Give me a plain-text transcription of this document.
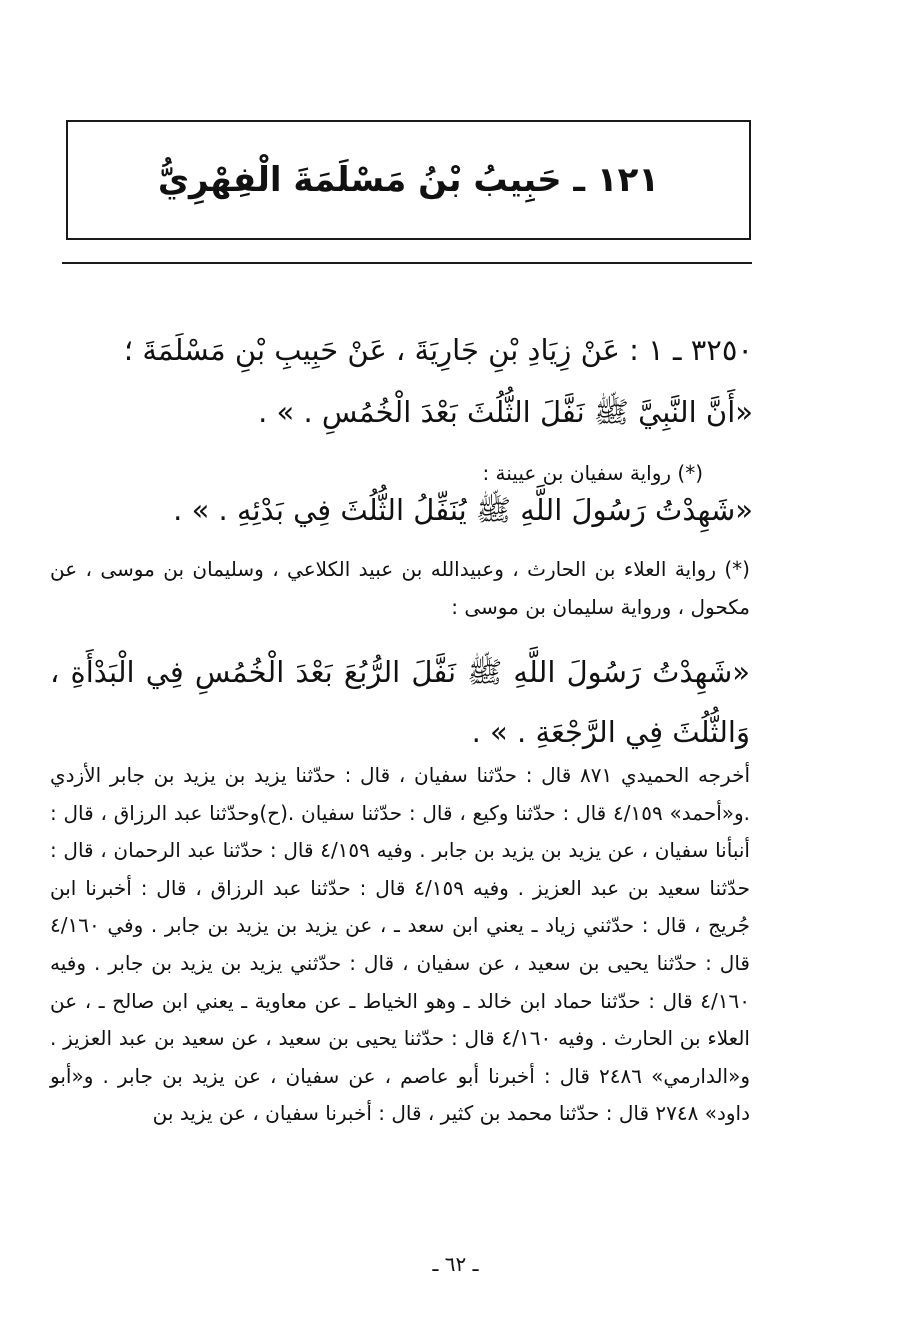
١٢١ ـ حَبِيبُ بْنُ مَسْلَمَةَ الْفِهْرِيُّ
٣٢٥٠ ـ ١ : عَنْ زِيَادِ بْنِ جَارِيَةَ ، عَنْ حَبِيبِ بْنِ مَسْلَمَةَ ؛
«أَنَّ النَّبِيَّ ﷺ نَفَّلَ الثُّلُثَ بَعْدَ الْخُمُسِ . » .
(*) رواية سفيان بن عيينة :
«شَهِدْتُ رَسُولَ اللَّهِ ﷺ يُنَفِّلُ الثُّلُثَ فِي بَدْئِهِ . » .
(*) رواية العلاء بن الحارث ، وعبيدالله بن عبيد الكلاعي ، وسليمان بن موسى ، عن مكحول ، ورواية سليمان بن موسى :
«شَهِدْتُ رَسُولَ اللَّهِ ﷺ نَفَّلَ الرُّبُعَ بَعْدَ الْخُمُسِ فِي الْبَدْأَةِ ، وَالثُّلُثَ فِي الرَّجْعَةِ . » .
أخرجه الحميدي ٨٧١ قال : حدّثنا سفيان ، قال : حدّثنا يزيد بن يزيد بن جابر الأزدي .و«أحمد» ٤/١٥٩ قال : حدّثنا وكيع ، قال : حدّثنا سفيان .(ح)وحدّثنا عبد الرزاق ، قال : أنبأنا سفيان ، عن يزيد بن يزيد بن جابر . وفيه ٤/١٥٩ قال : حدّثنا عبد الرحمان ، قال : حدّثنا سعيد بن عبد العزيز . وفيه ٤/١٥٩ قال : حدّثنا عبد الرزاق ، قال : أخبرنا ابن جُريج ، قال : حدّثني زياد ـ يعني ابن سعد ـ ، عن يزيد بن يزيد بن جابر . وفي ٤/١٦٠ قال : حدّثنا يحيى بن سعيد ، عن سفيان ، قال : حدّثني يزيد بن يزيد بن جابر . وفيه ٤/١٦٠ قال : حدّثنا حماد ابن خالد ـ وهو الخياط ـ عن معاوية ـ يعني ابن صالح ـ ، عن العلاء بن الحارث . وفيه ٤/١٦٠ قال : حدّثنا يحيى بن سعيد ، عن سعيد بن عبد العزيز . و«الدارمي» ٢٤٨٦ قال : أخبرنا أبو عاصم ، عن سفيان ، عن يزيد بن جابر . و«أبو داود» ٢٧٤٨ قال : حدّثنا محمد بن كثير ، قال : أخبرنا سفيان ، عن يزيد بن
ـ ٦٢ ـ
